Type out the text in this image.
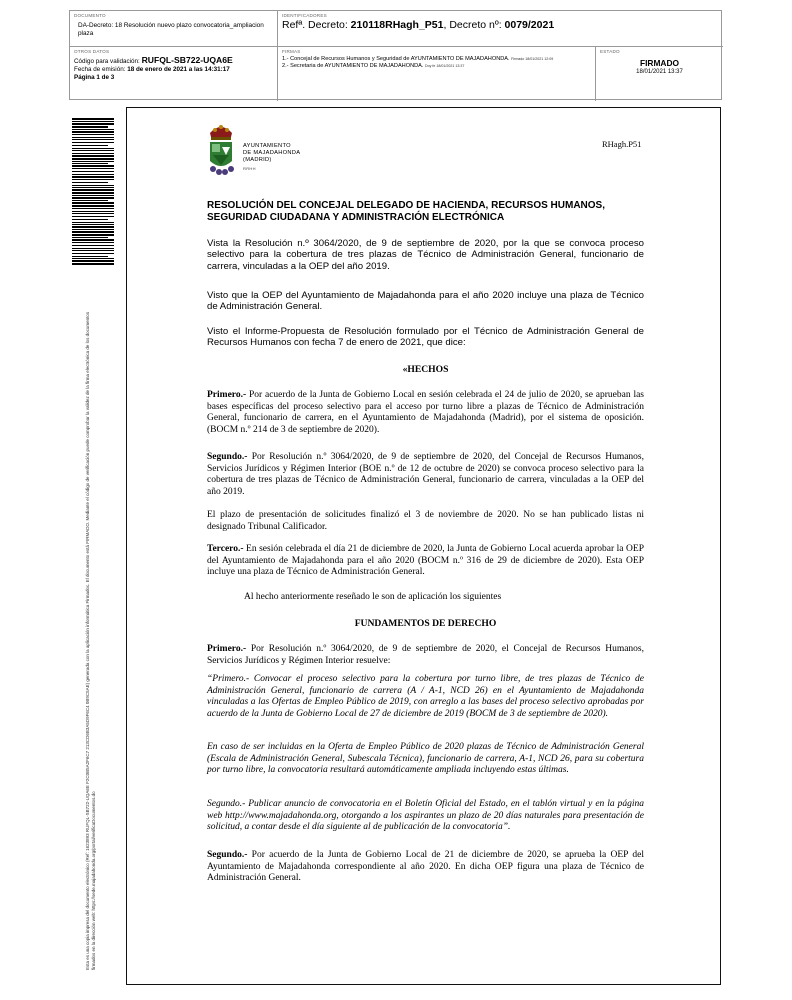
DOCUMENTO
DA-Decreto: 18 Resolución nuevo plazo convocatoria_ampliacion plaza
IDENTIFICADORES
Refª. Decreto: 210118RHagh_P51, Decreto nº: 0079/2021
OTROS DATOS
Código para validación: RUFQL-SB722-UQA6E
Fecha de emisión: 18 de enero de 2021 a las 14:31:17
Página 1 de 3
FIRMAS
1.- Concejal de Recursos Humanos y Seguridad de AYUNTAMIENTO DE MAJADAHONDA. Firmado 18/01/2021 12:09
2.- Secretaria de AYUNTAMIENTO DE MAJADAHONDA. Doy fe 18/01/2021 13:37
ESTADO
FIRMADO
18/01/2021 13:37
Esta es una copia impresa del documento electrónico (Ref: 1623893 RUFQL-SB722-UQA6E F2C0B5A2F6C7 213CD6B3A5D9F6C4 0B9C5AE) generada con la aplicación informática Firmadoc. El documento está FIRMADO. Mediante el código de verificación puede comprobar la validez de la firma electrónica de los documentos firmados en la dirección web: https://sede.majadahonda.org/portal/verificaDocumentos.do
AYUNTAMIENTO
DE MAJADAHONDA
(MADRID)
RRHH
RHagh.P51

RESOLUCIÓN DEL CONCEJAL DELEGADO DE HACIENDA, RECURSOS HUMANOS, SEGURIDAD CIUDADANA Y ADMINISTRACIÓN ELECTRÓNICA

Vista la Resolución n.º 3064/2020, de 9 de septiembre de 2020, por la que se convoca proceso selectivo para la cobertura de tres plazas de Técnico de Administración General, funcionario de carrera, vinculadas a la OEP del año 2019.

Visto que la OEP del Ayuntamiento de Majadahonda para el año 2020 incluye una plaza de Técnico de Administración General.

Visto el Informe-Propuesta de Resolución formulado por el Técnico de Administración General de Recursos Humanos con fecha 7 de enero de 2021, que dice:

«HECHOS

Primero.- Por acuerdo de la Junta de Gobierno Local en sesión celebrada el 24 de julio de 2020, se aprueban las bases específicas del proceso selectivo para el acceso por turno libre a plazas de Técnico de Administración General, funcionario de carrera, en el Ayuntamiento de Majadahonda (Madrid), por el sistema de oposición. (BOCM n.º 214 de 3 de septiembre de 2020).

Segundo.- Por Resolución n.º 3064/2020, de 9 de septiembre de 2020, del Concejal de Recursos Humanos, Servicios Jurídicos y Régimen Interior (BOE n.º de 12 de octubre de 2020) se convoca proceso selectivo para la cobertura de tres plazas de Técnico de Administración General, funcionario de carrera, vinculadas a la OEP del año 2019.

El plazo de presentación de solicitudes finalizó el 3 de noviembre de 2020. No se han publicado listas ni designado Tribunal Calificador.

Tercero.- En sesión celebrada el día 21 de diciembre de 2020, la Junta de Gobierno Local acuerda aprobar la OEP del Ayuntamiento de Majadahonda para el año 2020 (BOCM n.º 316 de 29 de diciembre de 2020). Esta OEP incluye una plaza de Técnico de Administración General.

Al hecho anteriormente reseñado le son de aplicación los siguientes

FUNDAMENTOS DE DERECHO

Primero.- Por Resolución n.º 3064/2020, de 9 de septiembre de 2020, el Concejal de Recursos Humanos, Servicios Jurídicos y Régimen Interior resuelve:

“Primero.- Convocar el proceso selectivo para la cobertura por turno libre, de tres plazas de Técnico de Administración General, funcionario de carrera (A / A-1, NCD 26) en el Ayuntamiento de Majadahonda vinculadas a las Ofertas de Empleo Público de 2019, con arreglo a las bases del proceso selectivo aprobadas por acuerdo de la Junta de Gobierno Local de 27 de diciembre de 2019 (BOCM de 3 de septiembre de 2020).

En caso de ser incluidas en la Oferta de Empleo Público de 2020 plazas de Técnico de Administración General (Escala de Administración General, Subescala Técnica), funcionario de carrera, A-1, NCD 26, para su cobertura por turno libre, la convocatoria resultará automáticamente ampliada incluyendo estas últimas.

Segundo.- Publicar anuncio de convocatoria en el Boletín Oficial del Estado, en el tablón virtual y en la página web http://www.majadahonda.org, otorgando a los aspirantes un plazo de 20 días naturales para presentación de solicitud, a contar desde el día siguiente al de publicación de la convocatoria”.

Segundo.- Por acuerdo de la Junta de Gobierno Local de 21 de diciembre de 2020, se aprueba la OEP del Ayuntamiento de Majadahonda correspondiente al año 2020. En dicha OEP figura una plaza de Técnico de Administración General.
